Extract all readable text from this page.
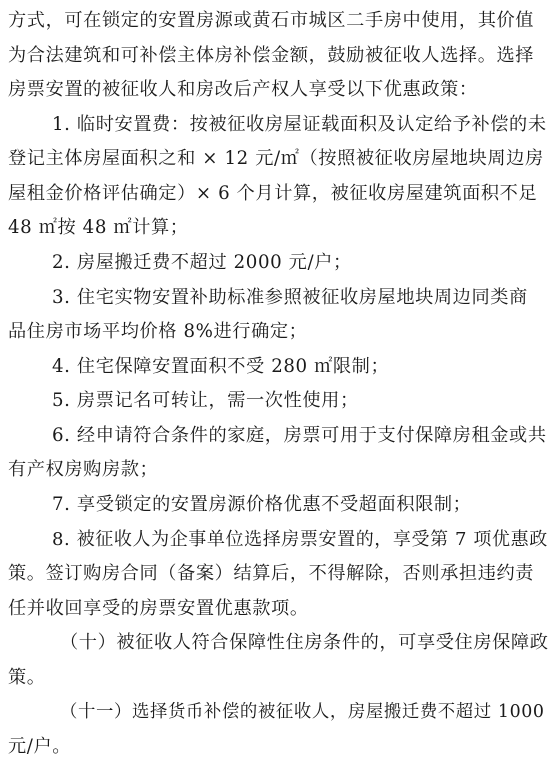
方式，可在锁定的安置房源或黄石市城区二手房中使用，其价值
为合法建筑和可补偿主体房补偿金额，鼓励被征收人选择。选择
房票安置的被征收人和房改后产权人享受以下优惠政策：
1. 临时安置费：按被征收房屋证载面积及认定给予补偿的未
登记主体房屋面积之和 × 12 元/㎡（按照被征收房屋地块周边房
屋租金价格评估确定）× 6 个月计算，被征收房屋建筑面积不足
48 ㎡按 48 ㎡计算；
2. 房屋搬迁费不超过 2000 元/户；
3. 住宅实物安置补助标准参照被征收房屋地块周边同类商
品住房市场平均价格 8%进行确定；
4. 住宅保障安置面积不受 280 ㎡限制；
5. 房票记名可转让，需一次性使用；
6. 经申请符合条件的家庭，房票可用于支付保障房租金或共
有产权房购房款；
7. 享受锁定的安置房源价格优惠不受超面积限制；
8. 被征收人为企事单位选择房票安置的，享受第 7 项优惠政
策。签订购房合同（备案）结算后，不得解除，否则承担违约责
任并收回享受的房票安置优惠款项。
（十）被征收人符合保障性住房条件的，可享受住房保障政
策。
（十一）选择货币补偿的被征收人，房屋搬迁费不超过 1000
元/户。
